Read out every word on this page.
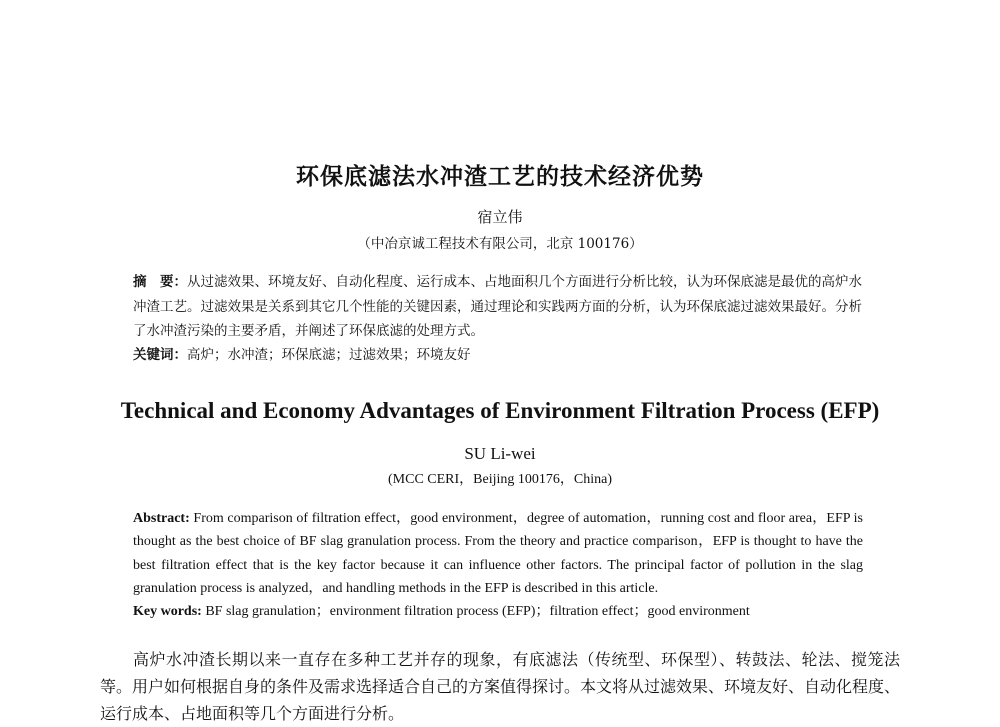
环保底滤法水冲渣工艺的技术经济优势
宿立伟
（中冶京诚工程技术有限公司，北京 100176）
摘　要：从过滤效果、环境友好、自动化程度、运行成本、占地面积几个方面进行分析比较，认为环保底滤是最优的高炉水冲渣工艺。过滤效果是关系到其它几个性能的关键因素，通过理论和实践两方面的分析，认为环保底滤过滤效果最好。分析了水冲渣污染的主要矛盾，并阐述了环保底滤的处理方式。
关键词：高炉；水冲渣；环保底滤；过滤效果；环境友好
Technical and Economy Advantages of Environment Filtration Process (EFP)
SU Li-wei
(MCC CERI，Beijing 100176，China)
Abstract: From comparison of filtration effect，good environment，degree of automation，running cost and floor area，EFP is thought as the best choice of BF slag granulation process. From the theory and practice comparison，EFP is thought to have the best filtration effect that is the key factor because it can influence other factors. The principal factor of pollution in the slag granulation process is analyzed，and handling methods in the EFP is described in this article.
Key words: BF slag granulation；environment filtration process (EFP)；filtration effect；good environment
高炉水冲渣长期以来一直存在多种工艺并存的现象，有底滤法（传统型、环保型）、转鼓法、轮法、搅笼法等。用户如何根据自身的条件及需求选择适合自己的方案值得探讨。本文将从过滤效果、环境友好、自动化程度、运行成本、占地面积等几个方面进行分析。
